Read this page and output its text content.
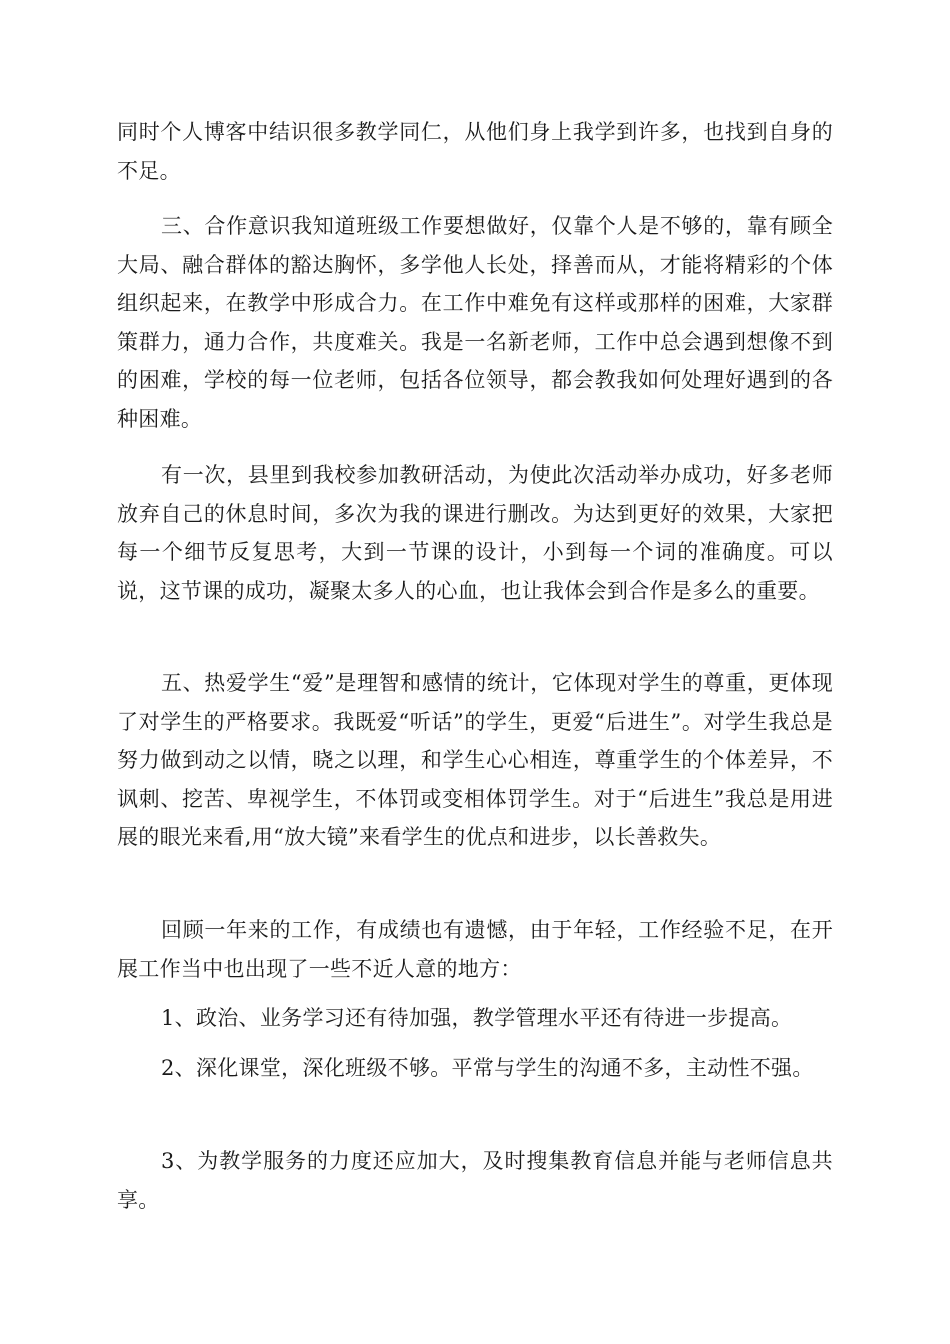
同时个人博客中结识很多教学同仁，从他们身上我学到许多，也找到自身的不足。

三、合作意识我知道班级工作要想做好，仅靠个人是不够的，靠有顾全大局、融合群体的豁达胸怀，多学他人长处，择善而从，才能将精彩的个体组织起来，在教学中形成合力。在工作中难免有这样或那样的困难，大家群策群力，通力合作，共度难关。我是一名新老师，工作中总会遇到想像不到的困难，学校的每一位老师，包括各位领导，都会教我如何处理好遇到的各种困难。

有一次，县里到我校参加教研活动，为使此次活动举办成功，好多老师放弃自己的休息时间，多次为我的课进行删改。为达到更好的效果，大家把每一个细节反复思考，大到一节课的设计，小到每一个词的准确度。可以说，这节课的成功，凝聚太多人的心血，也让我体会到合作是多么的重要。

五、热爱学生“爱”是理智和感情的统计，它体现对学生的尊重，更体现了对学生的严格要求。我既爱“听话”的学生，更爱“后进生”。对学生我总是努力做到动之以情，晓之以理，和学生心心相连，尊重学生的个体差异，不讽刺、挖苦、卑视学生，不体罚或变相体罚学生。对于“后进生”我总是用进展的眼光来看,用“放大镜”来看学生的优点和进步，以长善救失。

回顾一年来的工作，有成绩也有遗憾，由于年轻，工作经验不足，在开展工作当中也出现了一些不近人意的地方：

1、政治、业务学习还有待加强，教学管理水平还有待进一步提高。

2、深化课堂，深化班级不够。平常与学生的沟通不多，主动性不强。

3、为教学服务的力度还应加大，及时搜集教育信息并能与老师信息共享。
